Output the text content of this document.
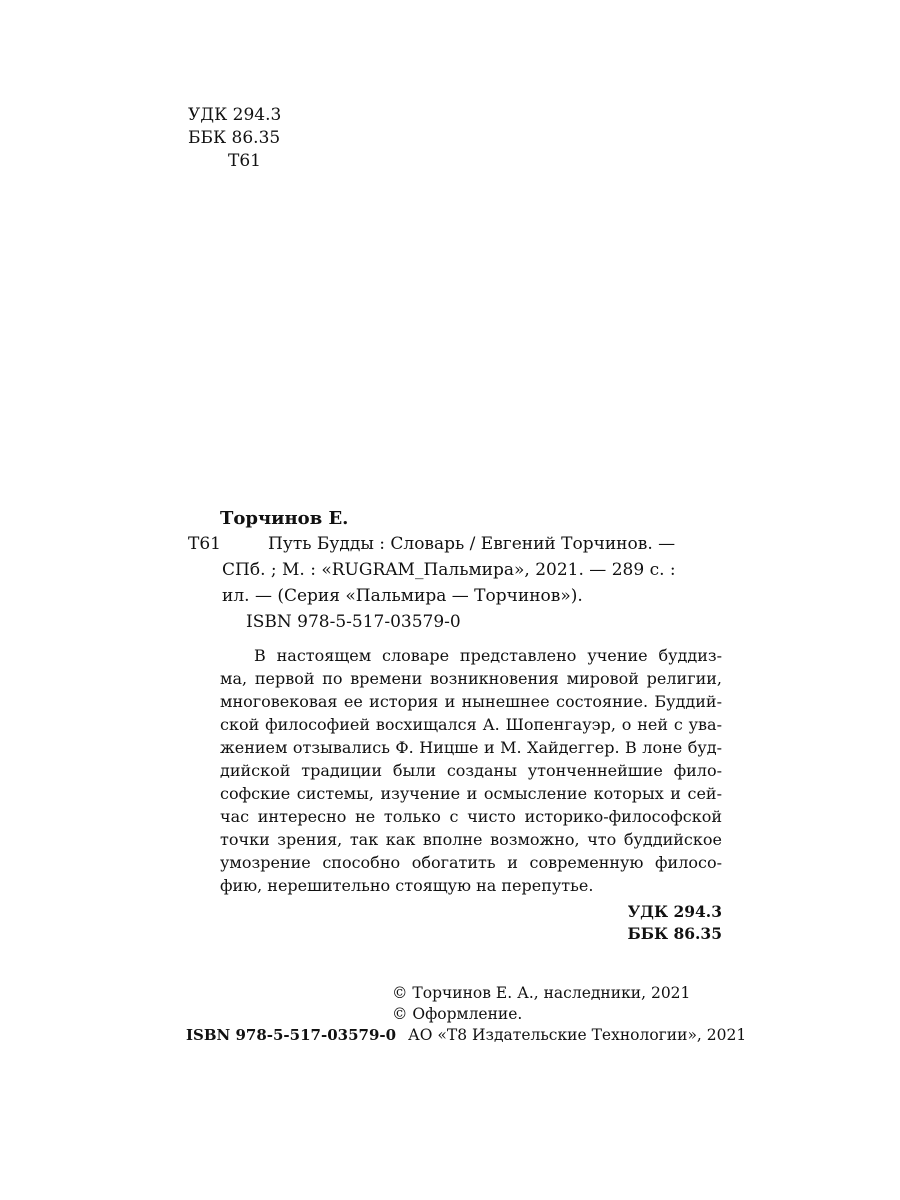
УДК 294.3
ББК 86.35
Т61
Торчинов Е.
Т61	Путь Будды : Словарь / Евгений Торчинов. —
СПб. ; М. : «RUGRAM_Пальмира», 2021. — 289 с. :
ил. — (Серия «Пальмира — Торчинов»).
ISBN 978-5-517-03579-0
В настоящем словаре представлено учение буддиз-
ма, первой по времени возникновения мировой религии,
многовековая ее история и нынешнее состояние. Буддий-
ской философией восхищался А. Шопенгауэр, о ней с ува-
жением отзывались Ф. Ницше и М. Хайдеггер. В лоне буд-
дийской традиции были созданы утонченнейшие фило-
софские системы, изучение и осмысление которых и сей-
час интересно не только с чисто историко-философской
точки зрения, так как вполне возможно, что буддийское
умозрение способно обогатить и современную филосо-
фию, нерешительно стоящую на перепутье.
УДК 294.3
ББК 86.35
© Торчинов Е. А., наследники, 2021
© Оформление.
АО «Т8 Издательские Технологии», 2021
ISBN 978-5-517-03579-0
